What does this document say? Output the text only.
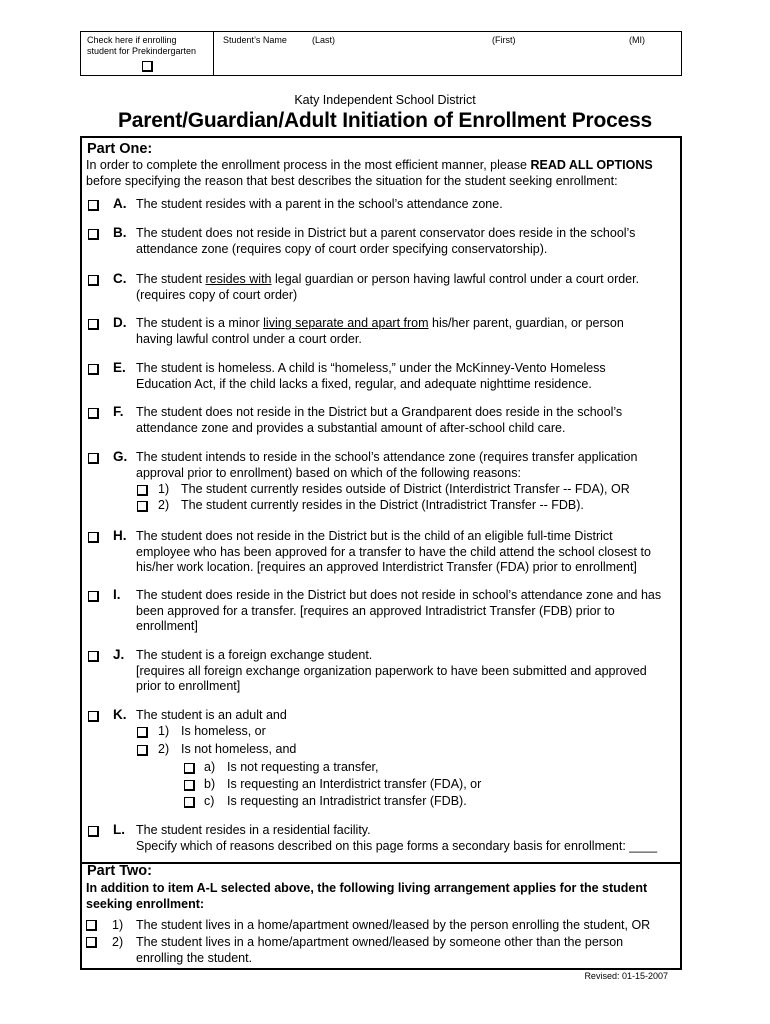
Check here if enrolling
student for Prekindergarten
Student’s Name	(Last)	(First)	(MI)
Katy Independent School District
Parent/Guardian/Adult Initiation of Enrollment Process
Part One:
In order to complete the enrollment process in the most efficient manner, please READ ALL OPTIONS
before specifying the reason that best describes the situation for the student seeking enrollment:
A. The student resides with a parent in the school’s attendance zone.
B. The student does not reside in District but a parent conservator does reside in the school’s
attendance zone (requires copy of court order specifying conservatorship).
C. The student resides with legal guardian or person having lawful control under a court order.
(requires copy of court order)
D. The student is a minor living separate and apart from his/her parent, guardian, or person
having lawful control under a court order.
E. The student is homeless. A child is “homeless,” under the McKinney-Vento Homeless
Education Act, if the child lacks a fixed, regular, and adequate nighttime residence.
F. The student does not reside in the District but a Grandparent does reside in the school’s
attendance zone and provides a substantial amount of after-school child care.
G. The student intends to reside in the school’s attendance zone (requires transfer application
approval prior to enrollment) based on which of the following reasons:
1) The student currently resides outside of District (Interdistrict Transfer -- FDA), OR
2) The student currently resides in the District (Intradistrict Transfer -- FDB).
H. The student does not reside in the District but is the child of an eligible full-time District
employee who has been approved for a transfer to have the child attend the school closest to
his/her work location. [requires an approved Interdistrict Transfer (FDA) prior to enrollment]
I. The student does reside in the District but does not reside in school’s attendance zone and has
been approved for a transfer. [requires an approved Intradistrict Transfer (FDB) prior to
enrollment]
J. The student is a foreign exchange student.
[requires all foreign exchange organization paperwork to have been submitted and approved
prior to enrollment]
K. The student is an adult and
1) Is homeless, or
2) Is not homeless, and
a) Is not requesting a transfer,
b) Is requesting an Interdistrict transfer (FDA), or
c) Is requesting an Intradistrict transfer (FDB).
L. The student resides in a residential facility.
Specify which of reasons described on this page forms a secondary basis for enrollment: ____
Part Two:
In addition to item A-L selected above, the following living arrangement applies for the student
seeking enrollment:
1) The student lives in a home/apartment owned/leased by the person enrolling the student, OR
2) The student lives in a home/apartment owned/leased by someone other than the person
enrolling the student.
Revised: 01-15-2007
